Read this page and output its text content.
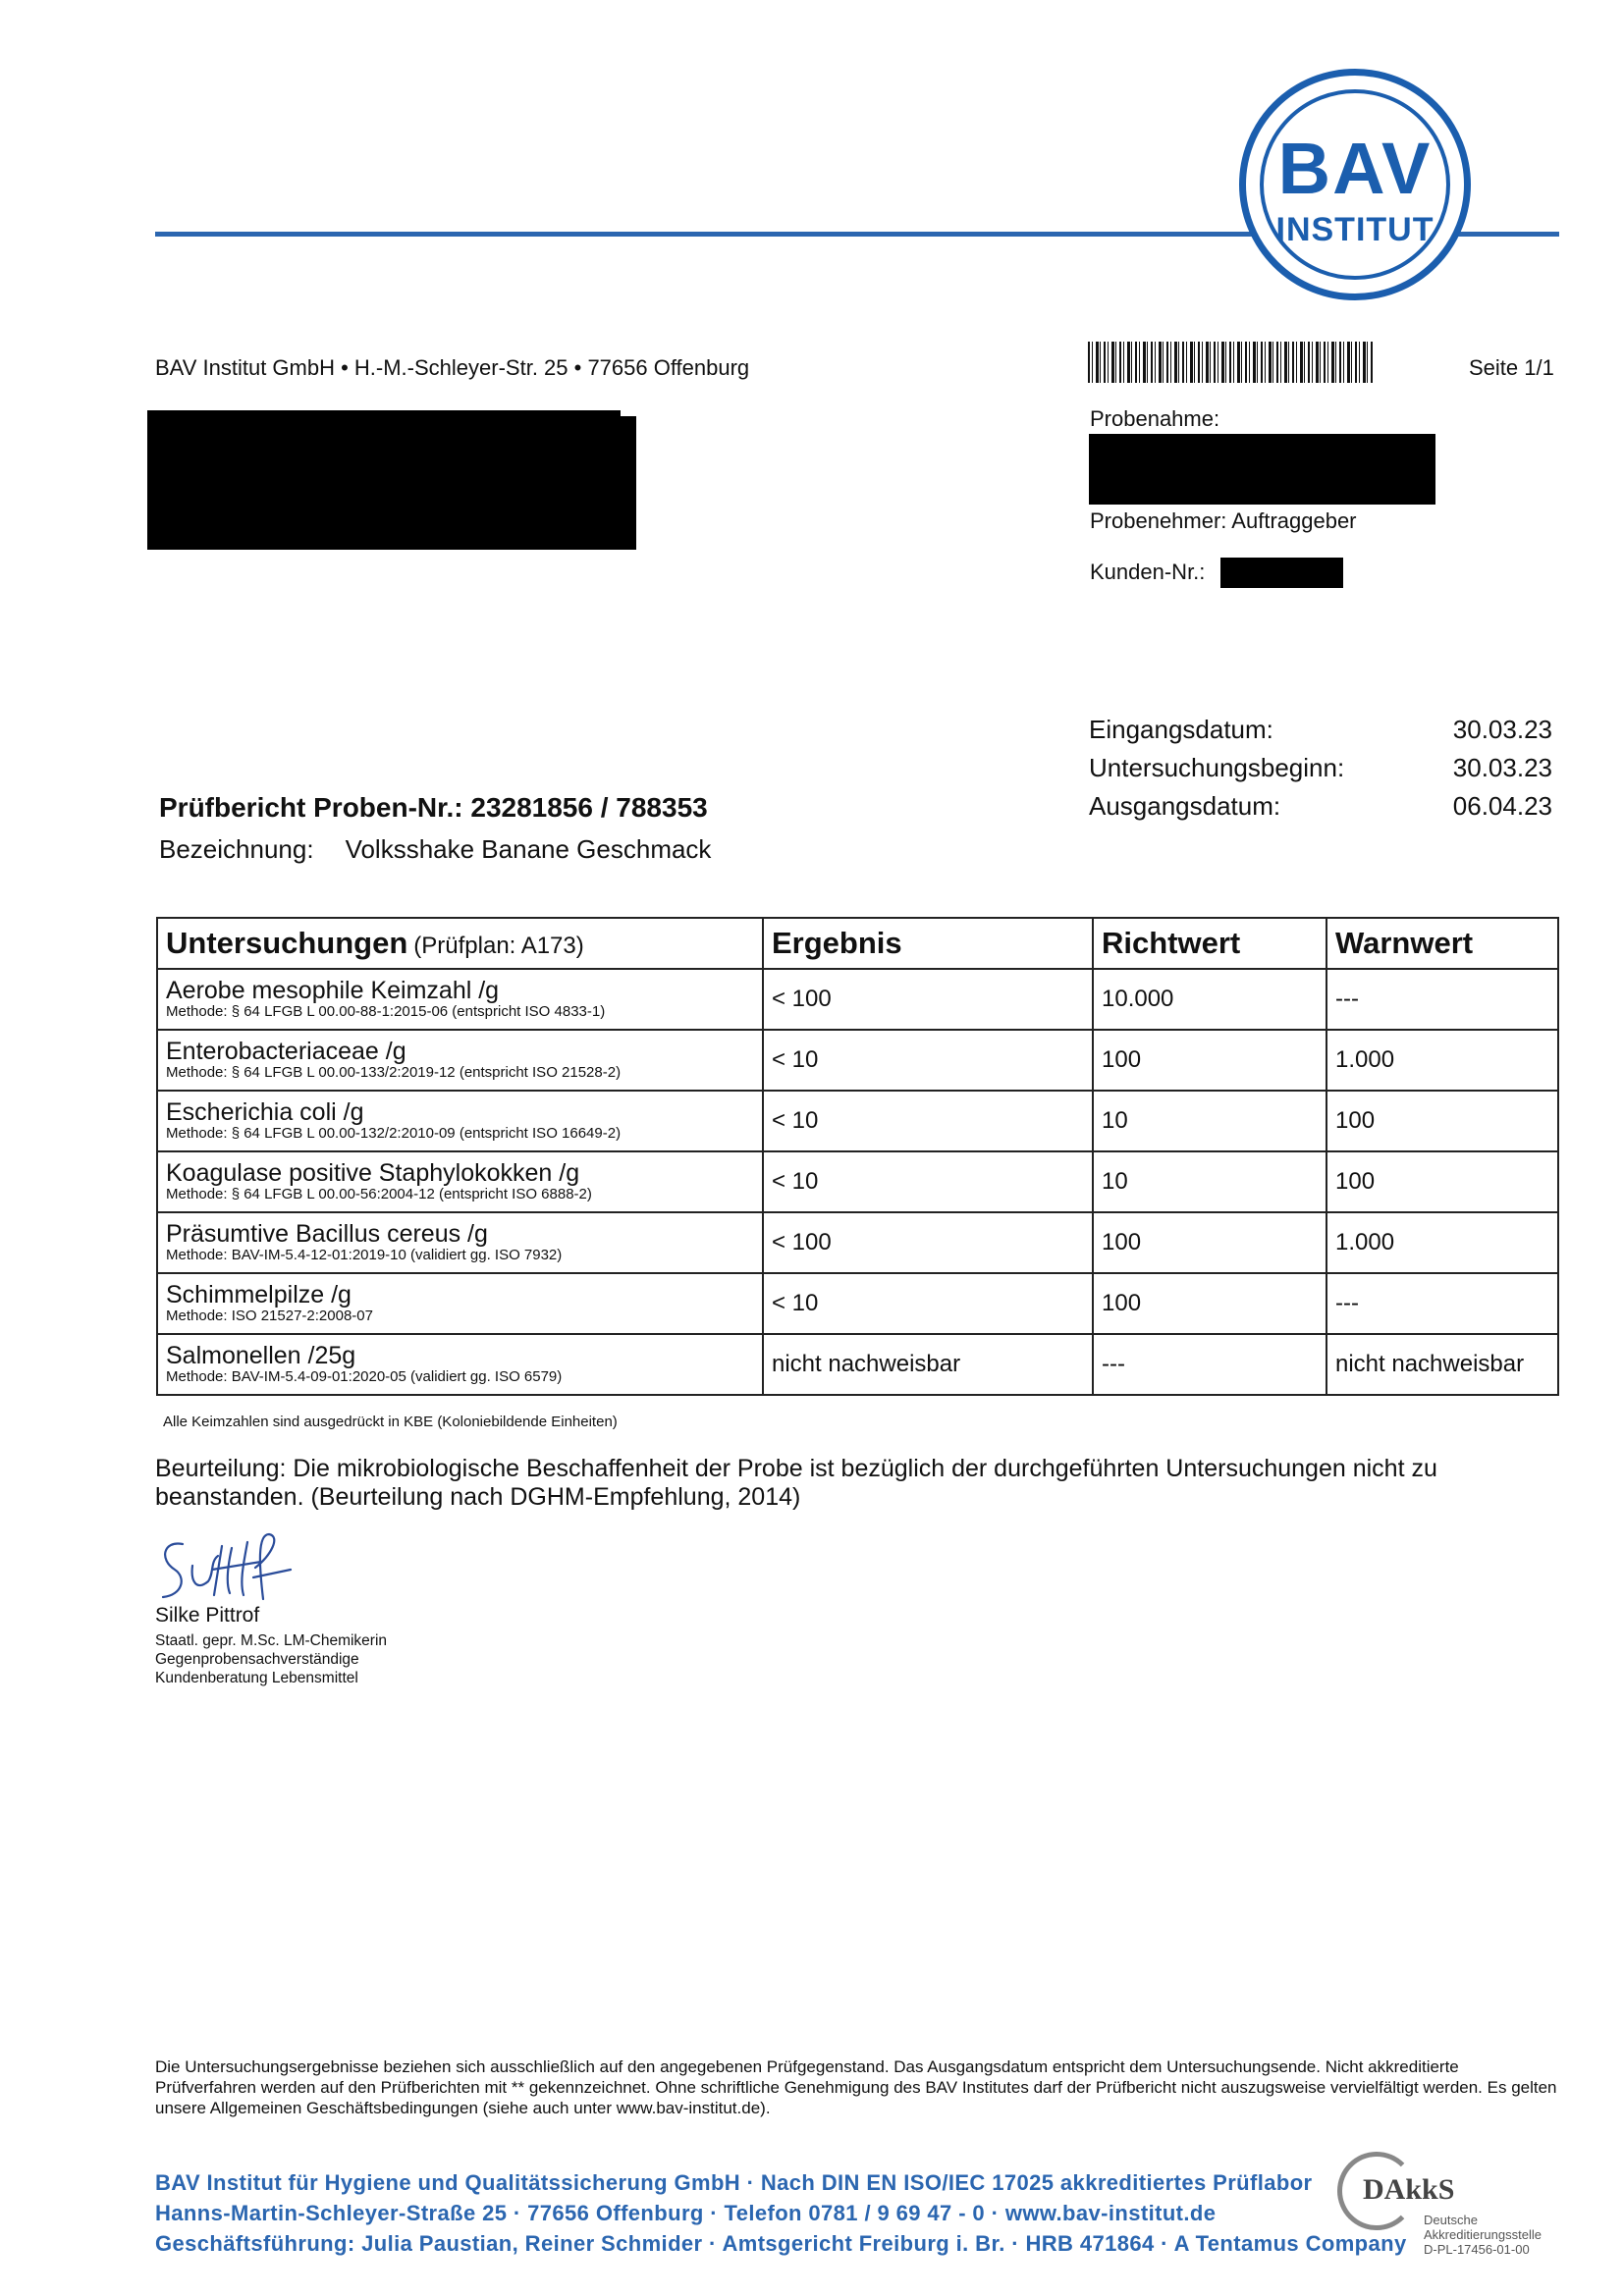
BAV
INSTITUT
BAV Institut GmbH • H.-M.-Schleyer-Str. 25 • 77656 Offenburg	Seite 1/1
Probenahme:
Probenehmer: Auftraggeber
Kunden-Nr.:
Eingangsdatum:	30.03.23
Untersuchungsbeginn:	30.03.23
Ausgangsdatum:	06.04.23
Prüfbericht Proben-Nr.: 23281856 / 788353
Bezeichnung: Volksshake Banane Geschmack
Untersuchungen (Prüfplan: A173)	Ergebnis	Richtwert	Warnwert

Aerobe mesophile Keimzahl /g
Methode: § 64 LFGB L 00.00-88-1:2015-06 (entspricht ISO 4833-1)	< 100	10.000	---

Enterobacteriaceae /g
Methode: § 64 LFGB L 00.00-133/2:2019-12 (entspricht ISO 21528-2)	< 10	100	1.000

Escherichia coli /g
Methode: § 64 LFGB L 00.00-132/2:2010-09 (entspricht ISO 16649-2)	< 10	10	100

Koagulase positive Staphylokokken /g
Methode: § 64 LFGB L 00.00-56:2004-12 (entspricht ISO 6888-2)	< 10	10	100

Präsumtive Bacillus cereus /g
Methode: BAV-IM-5.4-12-01:2019-10 (validiert gg. ISO 7932)	< 100	100	1.000

Schimmelpilze /g
Methode: ISO 21527-2:2008-07	< 10	100	---

Salmonellen /25g
Methode: BAV-IM-5.4-09-01:2020-05 (validiert gg. ISO 6579)	nicht nachweisbar	---	nicht nachweisbar
Alle Keimzahlen sind ausgedrückt in KBE (Koloniebildende Einheiten)
Beurteilung: Die mikrobiologische Beschaffenheit der Probe ist bezüglich der durchgeführten Untersuchungen nicht zu beanstanden. (Beurteilung nach DGHM-Empfehlung, 2014)
Silke Pittrof
Staatl. gepr. M.Sc. LM-Chemikerin
Gegenprobensachverständige
Kundenberatung Lebensmittel
Die Untersuchungsergebnisse beziehen sich ausschließlich auf den angegebenen Prüfgegenstand. Das Ausgangsdatum entspricht dem Untersuchungsende. Nicht akkreditierte Prüfverfahren werden auf den Prüfberichten mit ** gekennzeichnet. Ohne schriftliche Genehmigung des BAV Institutes darf der Prüfbericht nicht auszugsweise vervielfältigt werden. Es gelten unsere Allgemeinen Geschäftsbedingungen (siehe auch unter www.bav-institut.de).
BAV Institut für Hygiene und Qualitätssicherung GmbH · Nach DIN EN ISO/IEC 17025 akkreditiertes Prüflabor
Hanns-Martin-Schleyer-Straße 25 · 77656 Offenburg · Telefon 0781 / 9 69 47 - 0 · www.bav-institut.de
Geschäftsführung: Julia Paustian, Reiner Schmider · Amtsgericht Freiburg i. Br. · HRB 471864 · A Tentamus Company
DAkkS
Deutsche
Akkreditierungsstelle
D-PL-17456-01-00
